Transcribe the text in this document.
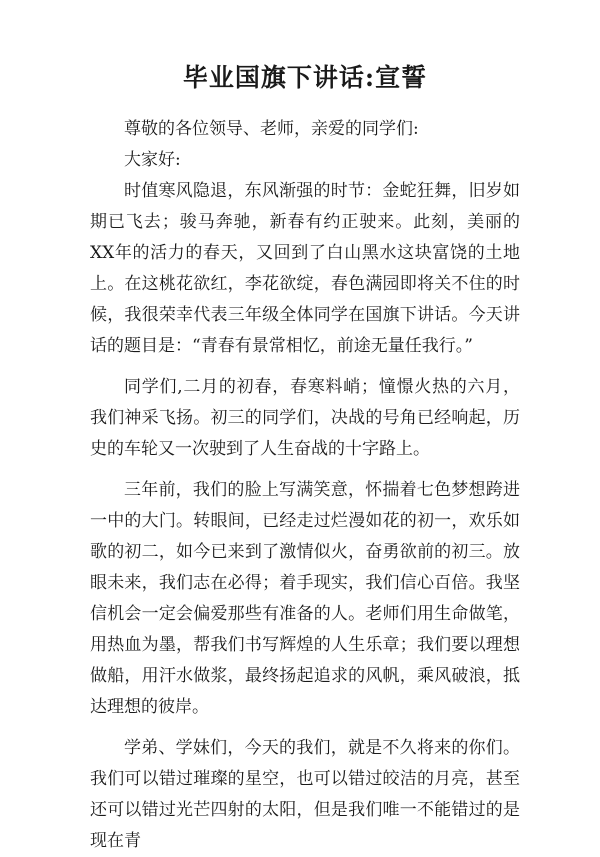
毕业国旗下讲话:宣誓

尊敬的各位领导、老师，亲爱的同学们:

大家好:

时值寒风隐退，东风渐强的时节：金蛇狂舞，旧岁如期已飞去；骏马奔驰，新春有约正驶来。此刻，美丽的XX年的活力的春天，又回到了白山黑水这块富饶的土地上。在这桃花欲红，李花欲绽，春色满园即将关不住的时候，我很荣幸代表三年级全体同学在国旗下讲话。今天讲话的题目是：“青春有景常相忆，前途无量任我行。”

同学们,二月的初春，春寒料峭；憧憬火热的六月，我们神采飞扬。初三的同学们，决战的号角已经响起，历史的车轮又一次驶到了人生奋战的十字路上。

三年前，我们的脸上写满笑意，怀揣着七色梦想跨进一中的大门。转眼间，已经走过烂漫如花的初一，欢乐如歌的初二，如今已来到了激情似火，奋勇欲前的初三。放眼未来，我们志在必得；着手现实，我们信心百倍。我坚信机会一定会偏爱那些有准备的人。老师们用生命做笔，用热血为墨，帮我们书写辉煌的人生乐章；我们要以理想做船，用汗水做浆，最终扬起追求的风帆，乘风破浪，抵达理想的彼岸。

学弟、学妹们，今天的我们，就是不久将来的你们。我们可以错过璀璨的星空，也可以错过皎洁的月亮，甚至还可以错过光芒四射的太阳，但是我们唯一不能错过的是现在青
